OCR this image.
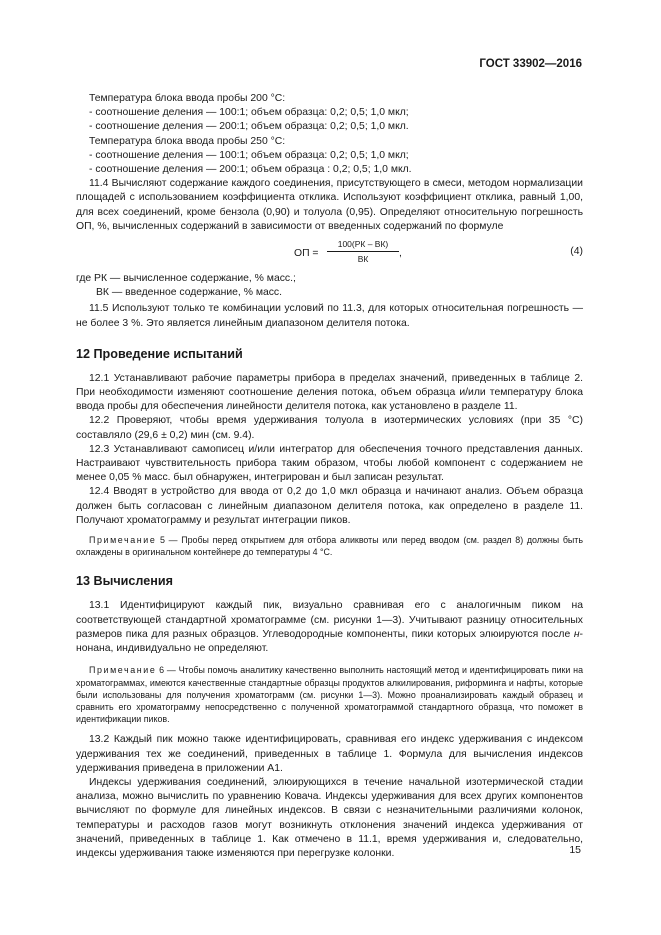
ГОСТ 33902—2016

Температура блока ввода пробы 200 °С:

- соотношение деления — 100:1; объем образца: 0,2; 0,5; 1,0 мкл;

- соотношение деления — 200:1; объем образца: 0,2; 0,5; 1,0 мкл.

Температура блока ввода пробы 250 °С:

- соотношение деления — 100:1; объем образца: 0,2; 0,5; 1,0 мкл;

- соотношение деления — 200:1; объем образца : 0,2; 0,5; 1,0 мкл.

11.4 Вычисляют содержание каждого соединения, присутствующего в смеси, методом нормализации площадей с использованием коэффициента отклика. Используют коэффициент отклика, равный 1,00, для всех соединений, кроме бензола (0,90) и толуола (0,95). Определяют относительную погрешность ОП, %, вычисленных содержаний в зависимости от введенных содержаний по формуле

ОП =
100(РК – ВК)
ВК	,	(4)

где РК — вычисленное содержание, % масс.;

ВК — введенное содержание, % масс.

11.5 Используют только те комбинации условий по 11.3, для которых относительная погрешность — не более 3 %. Это является линейным диапазоном делителя потока.

12 Проведение испытаний

12.1 Устанавливают рабочие параметры прибора в пределах значений, приведенных в таблице 2. При необходимости изменяют соотношение деления потока, объем образца и/или температуру блока ввода пробы для обеспечения линейности делителя потока, как установлено в разделе 11.

12.2 Проверяют, чтобы время удерживания толуола в изотермических условиях (при 35 °С) составляло (29,6 ± 0,2) мин (см. 9.4).

12.3 Устанавливают самописец и/или интегратор для обеспечения точного представления данных. Настраивают чувствительность прибора таким образом, чтобы любой компонент с содержанием не менее 0,05 % масс. был обнаружен, интегрирован и был записан результат.

12.4 Вводят в устройство для ввода от 0,2 до 1,0 мкл образца и начинают анализ. Объем образца должен быть согласован с линейным диапазоном делителя потока, как определено в разделе 11. Получают хроматограмму и результат интеграции пиков.

Примечание 5 — Пробы перед открытием для отбора аликвоты или перед вводом (см. раздел 8) должны быть охлаждены в оригинальном контейнере до температуры 4 °С.

13 Вычисления

13.1 Идентифицируют каждый пик, визуально сравнивая его с аналогичным пиком на соответствующей стандартной хроматограмме (см. рисунки 1—3). Учитывают разницу относительных размеров пика для разных образцов. Углеводородные компоненты, пики которых элюируются после н-нонана, индивидуально не определяют.

Примечание 6 — Чтобы помочь аналитику качественно выполнить настоящий метод и идентифицировать пики на хроматограммах, имеются качественные стандартные образцы продуктов алкилирования, риформинга и нафты, которые были использованы для получения хроматограмм (см. рисунки 1—3). Можно проанализировать каждый образец и сравнить его хроматограмму непосредственно с полученной хроматограммой стандартного образца, что поможет в идентификации пиков.

13.2 Каждый пик можно также идентифицировать, сравнивая его индекс удерживания с индексом удерживания тех же соединений, приведенных в таблице 1. Формула для вычисления индексов удерживания приведена в приложении А1.

Индексы удерживания соединений, элюирующихся в течение начальной изотермической стадии анализа, можно вычислить по уравнению Ковача. Индексы удерживания для всех других компонентов вычисляют по формуле для линейных индексов. В связи с незначительными различиями колонок, температуры и расходов газов могут возникнуть отклонения значений индекса удерживания от значений, приведенных в таблице 1. Как отмечено в 11.1, время удерживания и, следовательно, индексы удерживания также изменяются при перегрузке колонки.	15
